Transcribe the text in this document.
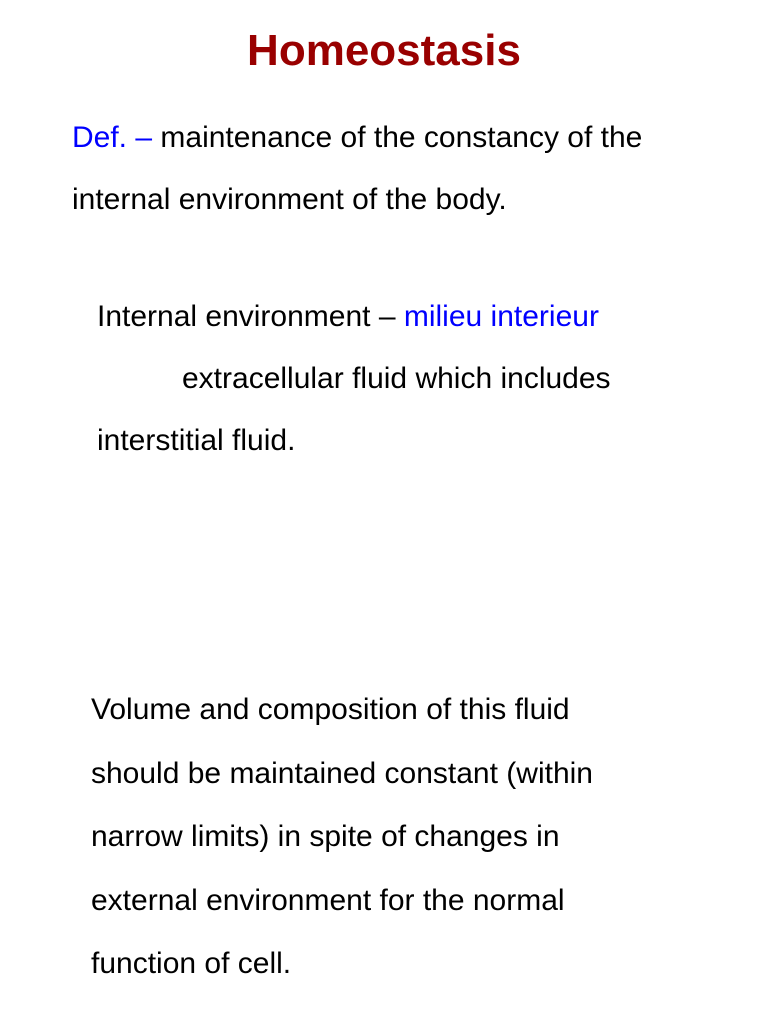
Homeostasis
Def. – maintenance of the constancy of the
internal environment of the body.
Internal environment – milieu interieur
extracellular fluid which includes
interstitial fluid.
Volume and composition of this fluid
should be maintained constant (within
narrow limits) in spite of changes in
external environment for the normal
function of cell.
